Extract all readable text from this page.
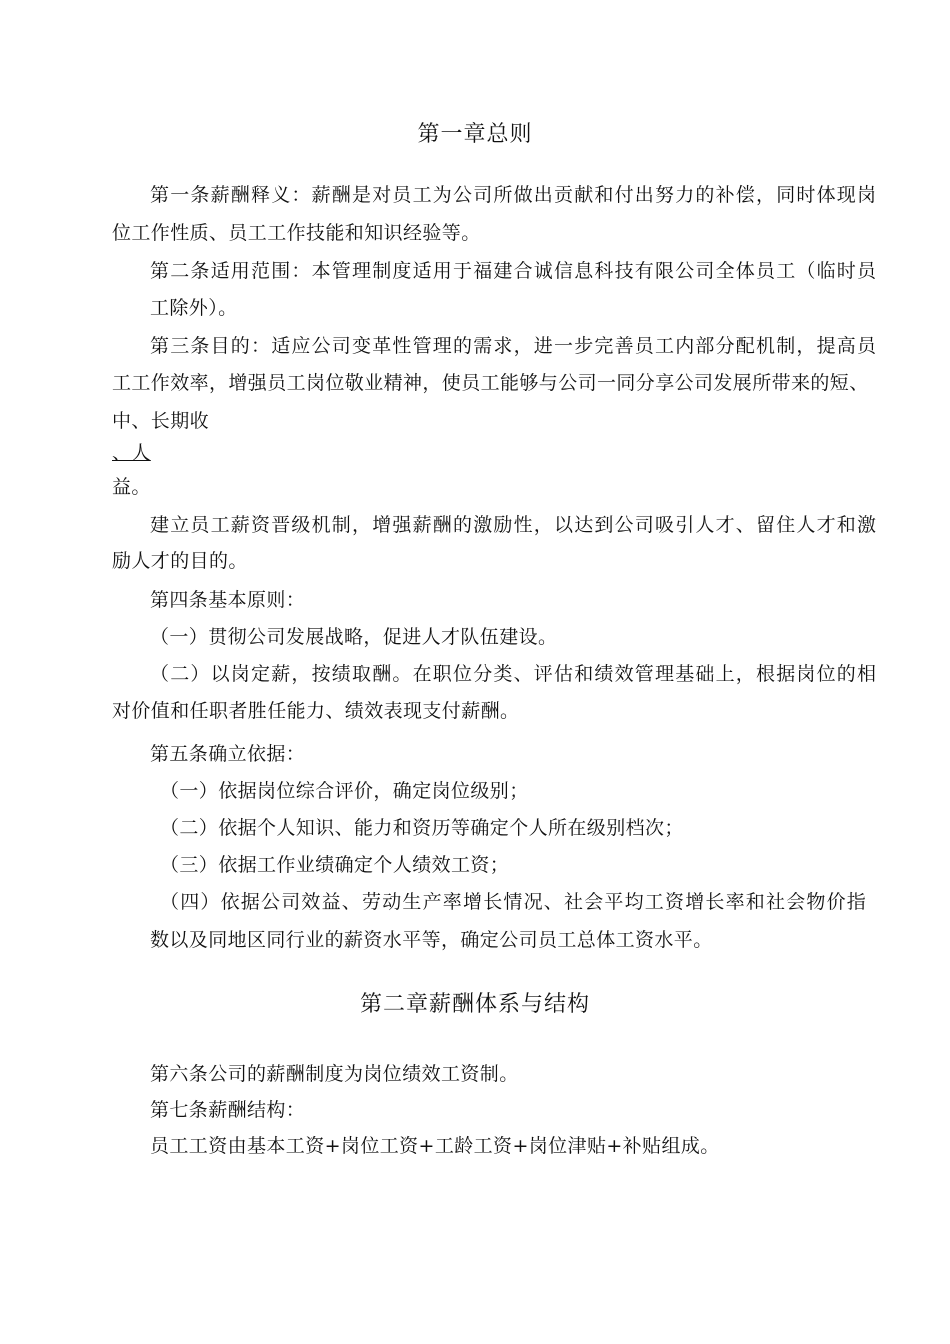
第一章总则
第一条薪酬释义：薪酬是对员工为公司所做出贡献和付出努力的补偿，同时体现岗
位工作性质、员工工作技能和知识经验等。
第二条适用范围：本管理制度适用于福建合诚信息科技有限公司全体员工（临时员
工除外）。
第三条目的：适应公司变革性管理的需求，进一步完善员工内部分配机制，提高员
工工作效率，增强员工岗位敬业精神，使员工能够与公司一同分享公司发展所带来的短、
中、长期收
、人
益。
建立员工薪资晋级机制，增强薪酬的激励性，以达到公司吸引人才、留住人才和激
励人才的目的。
第四条基本原则：
（一）贯彻公司发展战略，促进人才队伍建设。
（二）以岗定薪，按绩取酬。在职位分类、评估和绩效管理基础上，根据岗位的相
对价值和任职者胜任能力、绩效表现支付薪酬。
第五条确立依据：
（一）依据岗位综合评价，确定岗位级别；
（二）依据个人知识、能力和资历等确定个人所在级别档次；
（三）依据工作业绩确定个人绩效工资；
（四）依据公司效益、劳动生产率增长情况、社会平均工资增长率和社会物价指
数以及同地区同行业的薪资水平等，确定公司员工总体工资水平。
第二章薪酬体系与结构
第六条公司的薪酬制度为岗位绩效工资制。
第七条薪酬结构：
员工工资由基本工资+岗位工资+工龄工资+岗位津贴+补贴组成。
